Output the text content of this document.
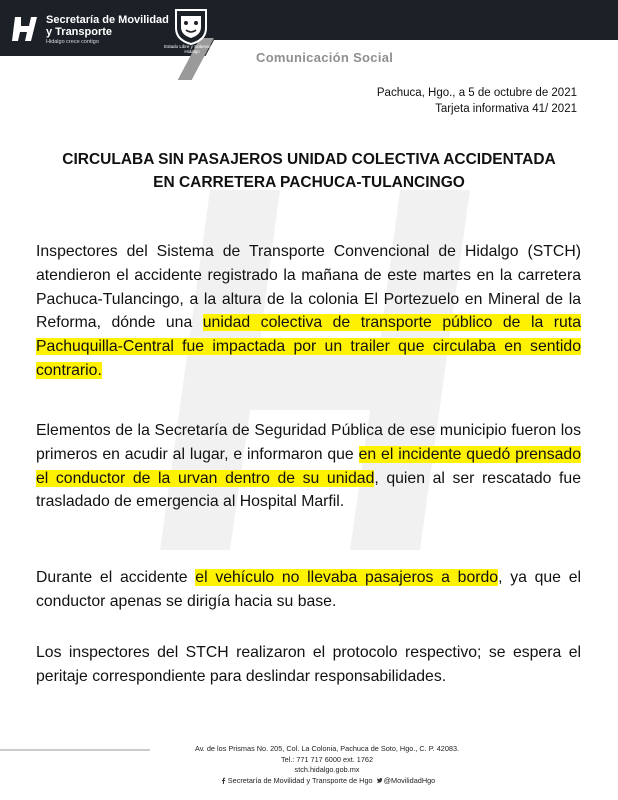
Secretaría de Movilidad
y Transporte
Hidalgo crece contigo
Estado Libre y Soberano de Hidalgo	Comunicación Social
Pachuca, Hgo., a 5 de octubre de 2021
Tarjeta informativa 41/ 2021
CIRCULABA SIN PASAJEROS UNIDAD COLECTIVA ACCIDENTADA
EN CARRETERA PACHUCA-TULANCINGO
Inspectores del Sistema de Transporte Convencional de Hidalgo (STCH) atendieron el accidente registrado la mañana de este martes en la carretera Pachuca-Tulancingo, a la altura de la colonia El Portezuelo en Mineral de la Reforma, dónde una unidad colectiva de transporte público de la ruta Pachuquilla-Central fue impactada por un trailer que circulaba en sentido contrario.
Elementos de la Secretaría de Seguridad Pública de ese municipio fueron los primeros en acudir al lugar, e informaron que en el incidente quedó prensado el conductor de la urvan dentro de su unidad, quien al ser rescatado fue trasladado de emergencia al Hospital Marfil.
Durante el accidente el vehículo no llevaba pasajeros a bordo, ya que el conductor apenas se dirigía hacia su base.
Los inspectores del STCH realizaron el protocolo respectivo; se espera el peritaje correspondiente para deslindar responsabilidades.
Av. de los Prismas No. 205, Col. La Colonia, Pachuca de Soto, Hgo., C. P. 42083.
Tel.: 771 717 6000 ext. 1762
stch.hidalgo.gob.mx
Secretaría de Movilidad y Transporte de Hgo @MovilidadHgo
